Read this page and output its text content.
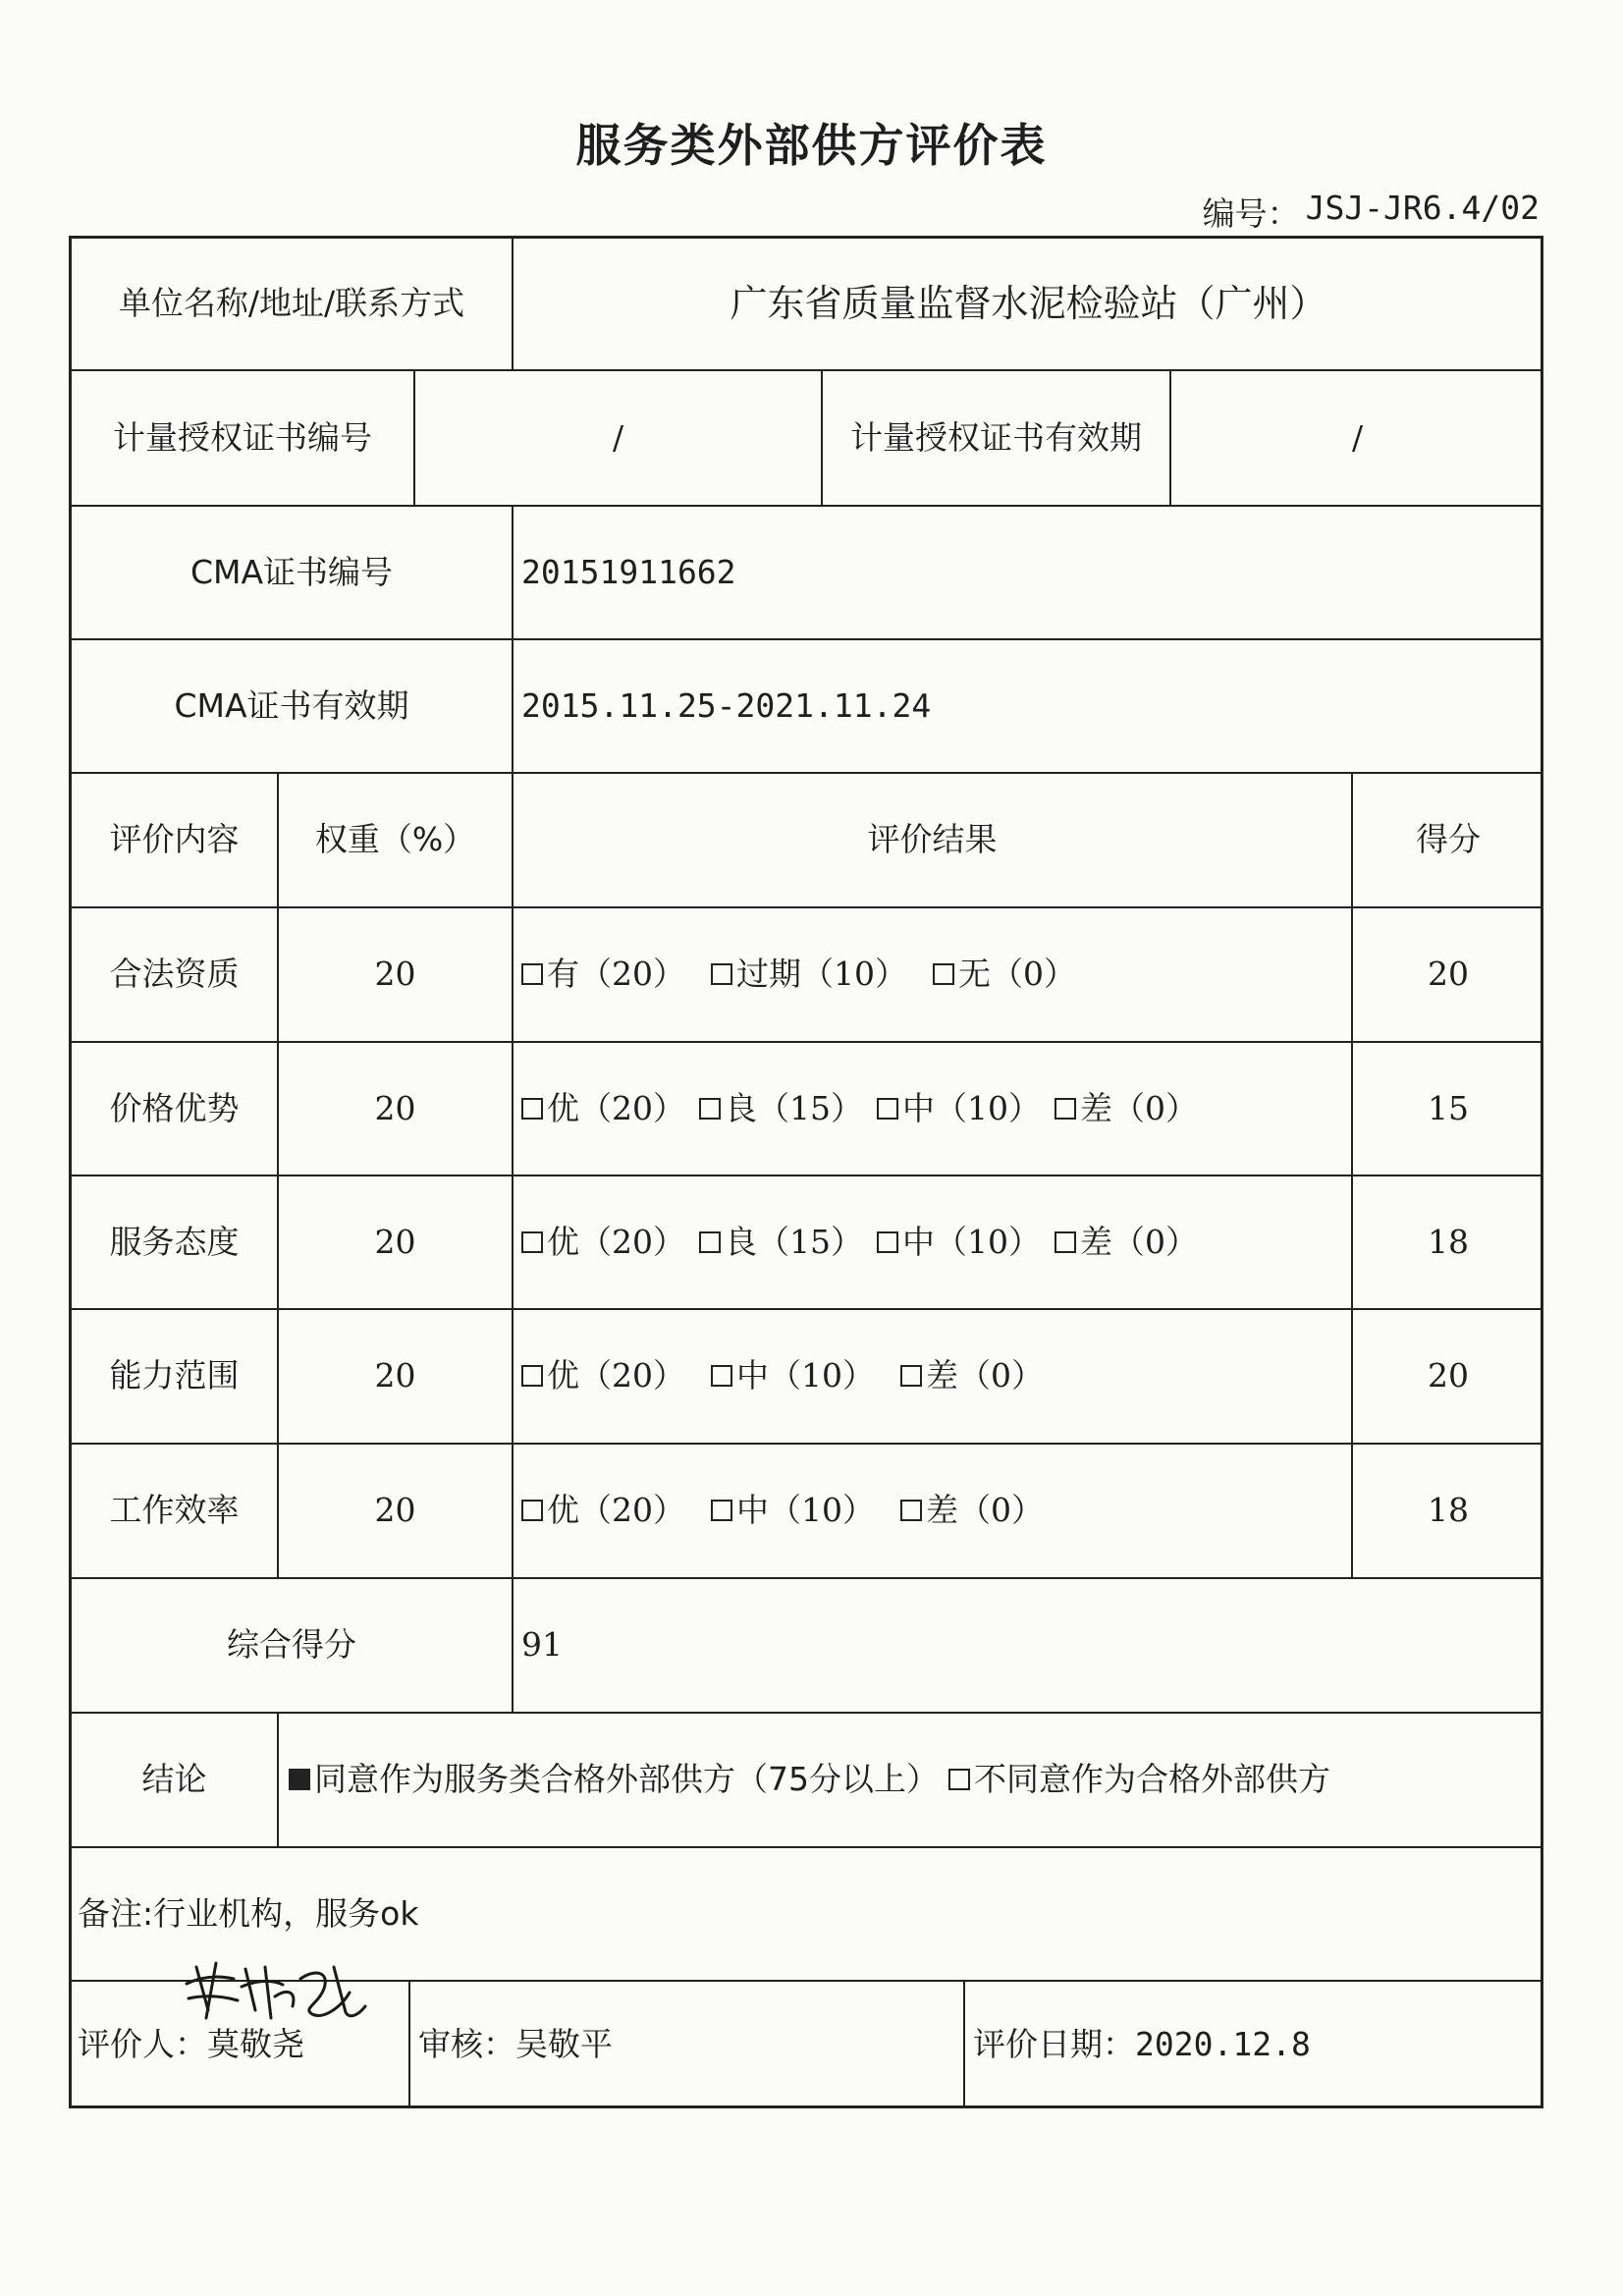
服务类外部供方评价表
编号： JSJ-JR6.4/02
单位名称/地址/联系方式	广东省质量监督水泥检验站（广州）
计量授权证书编号	/	计量授权证书有效期	/
CMA证书编号	20151911662
CMA证书有效期	2015.11.25-2021.11.24
评价内容	权重（%）	评价结果	得分
合法资质	20	有（20） 过期（10） 无（0）	20
价格优势	20	优（20） 良（15） 中（10） 差（0）	15
服务态度	20	优（20） 良（15） 中（10） 差（0）	18
能力范围	20	优（20） 中（10） 差（0）	20
工作效率	20	优（20） 中（10） 差（0）	18
综合得分	91
结论	同意作为服务类合格外部供方（75分以上） 不同意作为合格外部供方
备注: 行业机构，服务ok
评价人： 莫敬尧	审核： 吴敬平	评价日期： 2020.12.8
